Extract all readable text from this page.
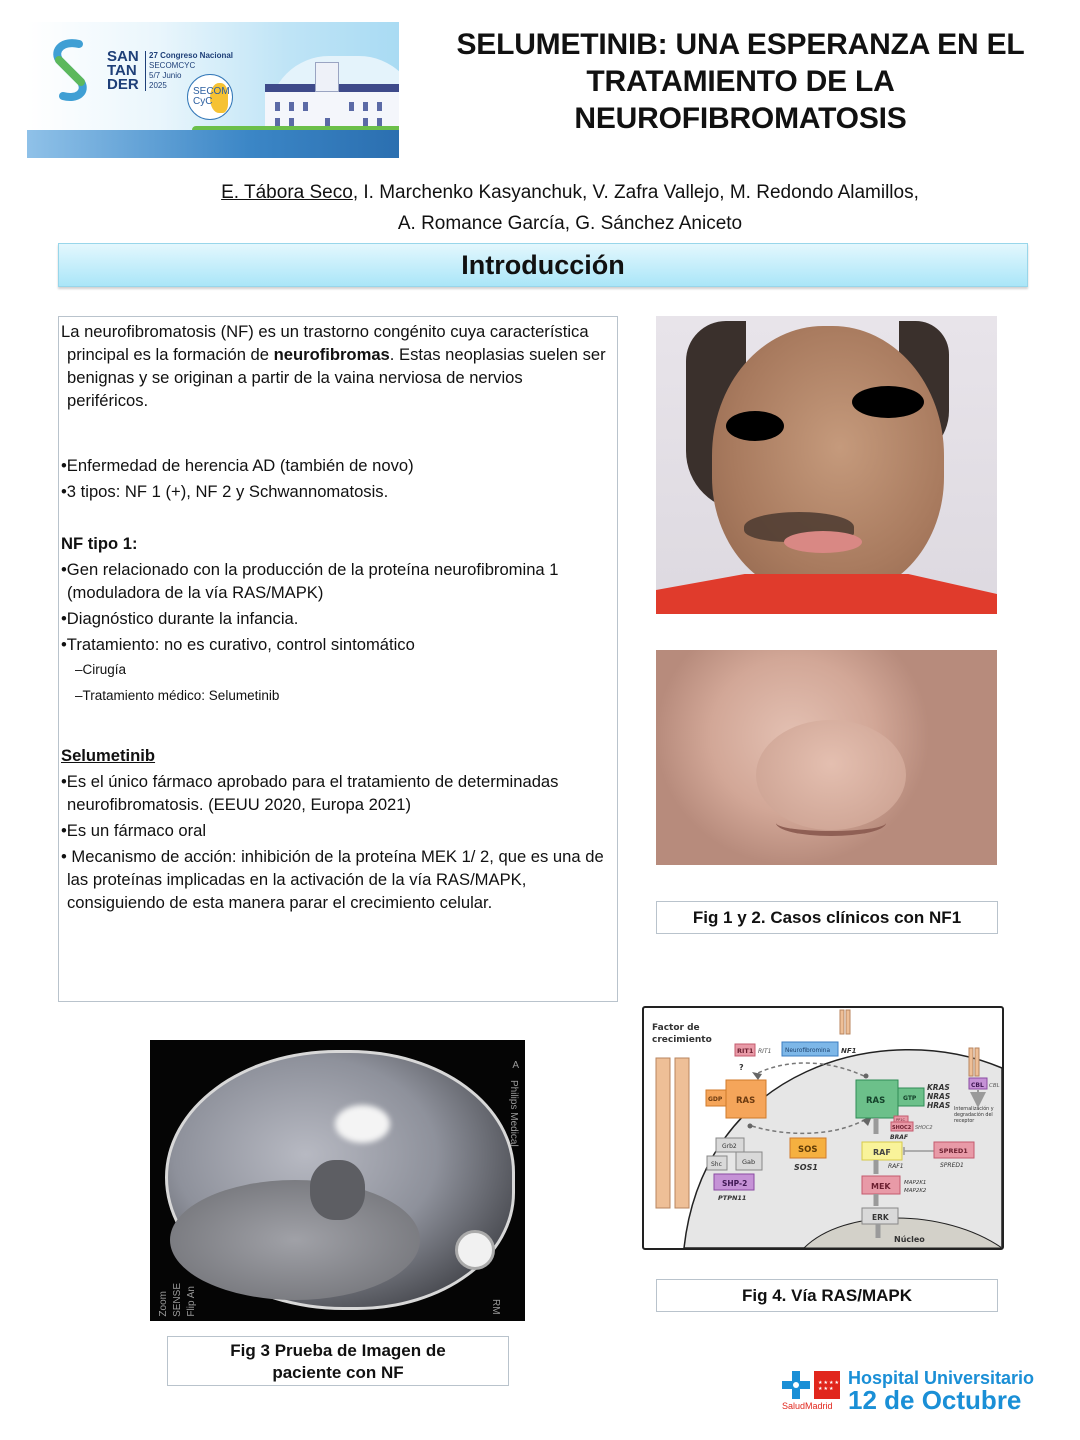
SAN
TAN
DER
27 Congreso Nacional
SECOMCYC
5/7 Junio
2025
SECOM
CyC
SELUMETINIB: UNA ESPERANZA EN EL
TRATAMIENTO DE LA
NEUROFIBROMATOSIS
E. Tábora Seco, I. Marchenko Kasyanchuk, V. Zafra Vallejo, M. Redondo Alamillos,
A. Romance García, G. Sánchez Aniceto
Introducción

La neurofibromatosis (NF) es un trastorno congénito cuya característica principal es la formación de neurofibromas. Estas neoplasias suelen ser benignas y se originan a partir de la vaina nerviosa de nervios periféricos.

•Enfermedad de herencia AD (también de novo)

•3 tipos: NF 1 (+), NF 2 y Schwannomatosis.

NF tipo 1:

•Gen relacionado con la producción de la proteína neurofibromina 1 (moduladora de la vía RAS/MAPK)

•Diagnóstico durante la infancia.

•Tratamiento: no es curativo, control sintomático

–Cirugía

–Tratamiento médico: Selumetinib

Selumetinib

•Es el único fármaco aprobado para el tratamiento de determinadas neurofibromatosis. (EEUU 2020, Europa 2021)

•Es un fármaco oral

• Mecanismo de acción: inhibición de la proteína MEK 1/ 2, que es una de las proteínas implicadas en la activación de la vía RAS/MAPK, consiguiendo de esta manera parar el crecimiento celular.

Fig 1 y 2. Casos clínicos con NF1
Philips Medical
A
Zoom SENSE Flip An	RM
Fig 3 Prueba de Imagen de
paciente con NF
Factor de
crecimiento
RIT1 RIT1
?
Neurofibromina NF1
GDP RAS	RAS	GTP
KRAS
NRAS
HRAS
CBL CBL
Internalización y
degradación del
receptor
PP1C
SHOC2 SHOC2
BRAF
RAF
RAF1
SPRED1
SPRED1
MEK MAP2K1
MAP2K2
ERK
Núcleo
Grb2
Shc	Gab
SHP-2
PTPN11
SOS
SOS1
Fig 4. Vía RAS/MAPK
★★★★ ★★★
SaludMadrid
Hospital Universitario
12 de Octubre
